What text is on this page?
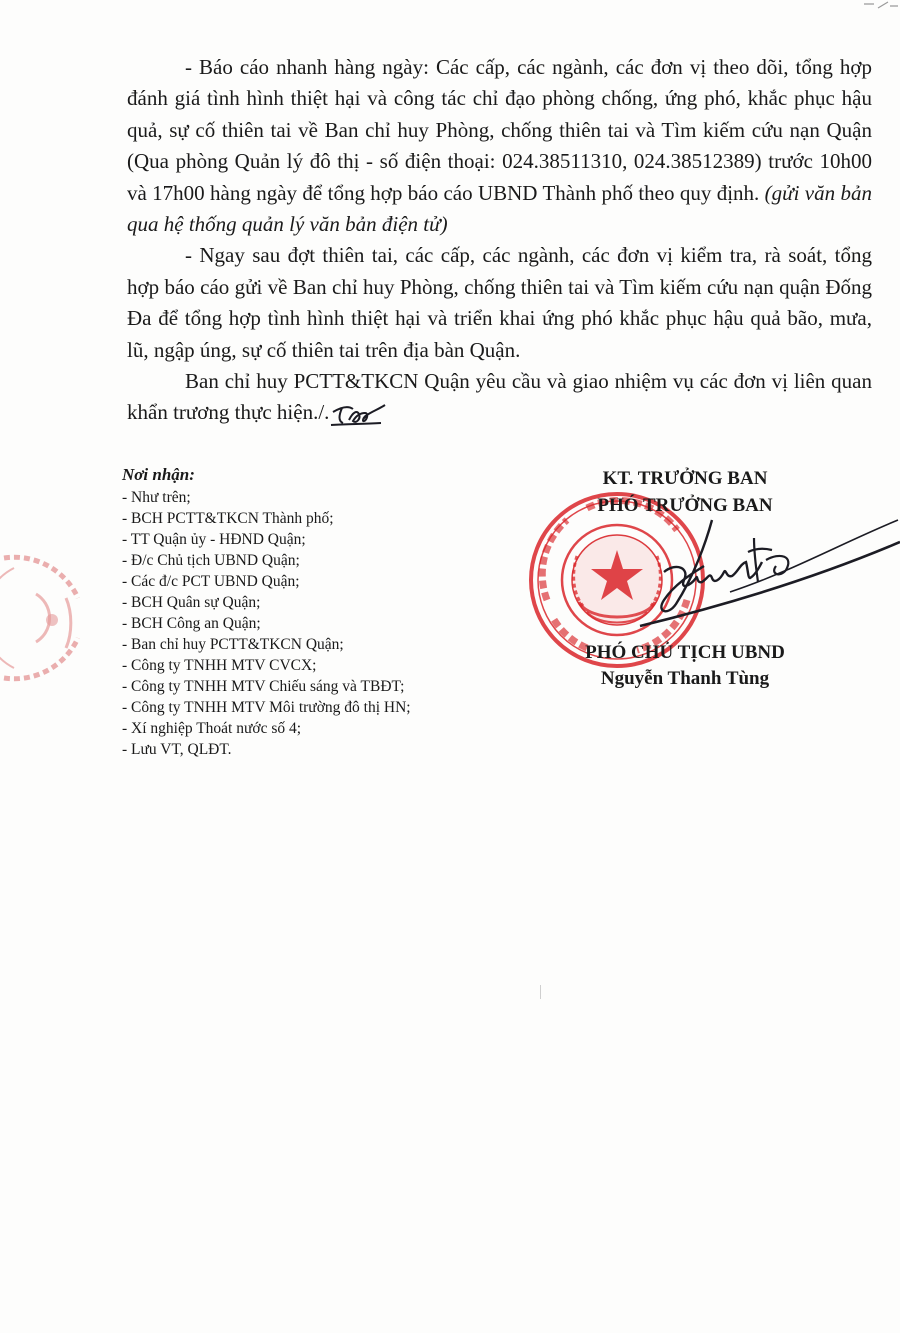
- Báo cáo nhanh hàng ngày: Các cấp, các ngành, các đơn vị theo dõi, tổng hợp đánh giá tình hình thiệt hại và công tác chỉ đạo phòng chống, ứng phó, khắc phục hậu quả, sự cố thiên tai về Ban chỉ huy Phòng, chống thiên tai và Tìm kiếm cứu nạn Quận (Qua phòng Quản lý đô thị - số điện thoại: 024.38511310, 024.38512389) trước 10h00 và 17h00 hàng ngày để tổng hợp báo cáo UBND Thành phố theo quy định. (gửi văn bản qua hệ thống quản lý văn bản điện tử)

- Ngay sau đợt thiên tai, các cấp, các ngành, các đơn vị kiểm tra, rà soát, tổng hợp báo cáo gửi về Ban chỉ huy Phòng, chống thiên tai và Tìm kiếm cứu nạn quận Đống Đa để tổng hợp tình hình thiệt hại và triển khai ứng phó khắc phục hậu quả bão, mưa, lũ, ngập úng, sự cố thiên tai trên địa bàn Quận.

Ban chỉ huy PCTT&TKCN Quận yêu cầu và giao nhiệm vụ các đơn vị liên quan khẩn trương thực hiện./.

Nơi nhận:
- Như trên;
- BCH PCTT&TKCN Thành phố;
- TT Quận ủy - HĐND Quận;
- Đ/c Chủ tịch UBND Quận;
- Các đ/c PCT UBND Quận;
- BCH Quân sự Quận;
- BCH Công an Quận;
- Ban chỉ huy PCTT&TKCN Quận;
- Công ty TNHH MTV CVCX;
- Công ty TNHH MTV Chiếu sáng và TBĐT;
- Công ty TNHH MTV Môi trường đô thị HN;
- Xí nghiệp Thoát nước số 4;
- Lưu VT, QLĐT.
KT. TRƯỞNG BAN
PHÓ TRƯỞNG BAN
PHÓ CHỦ TỊCH UBND
Nguyễn Thanh Tùng
